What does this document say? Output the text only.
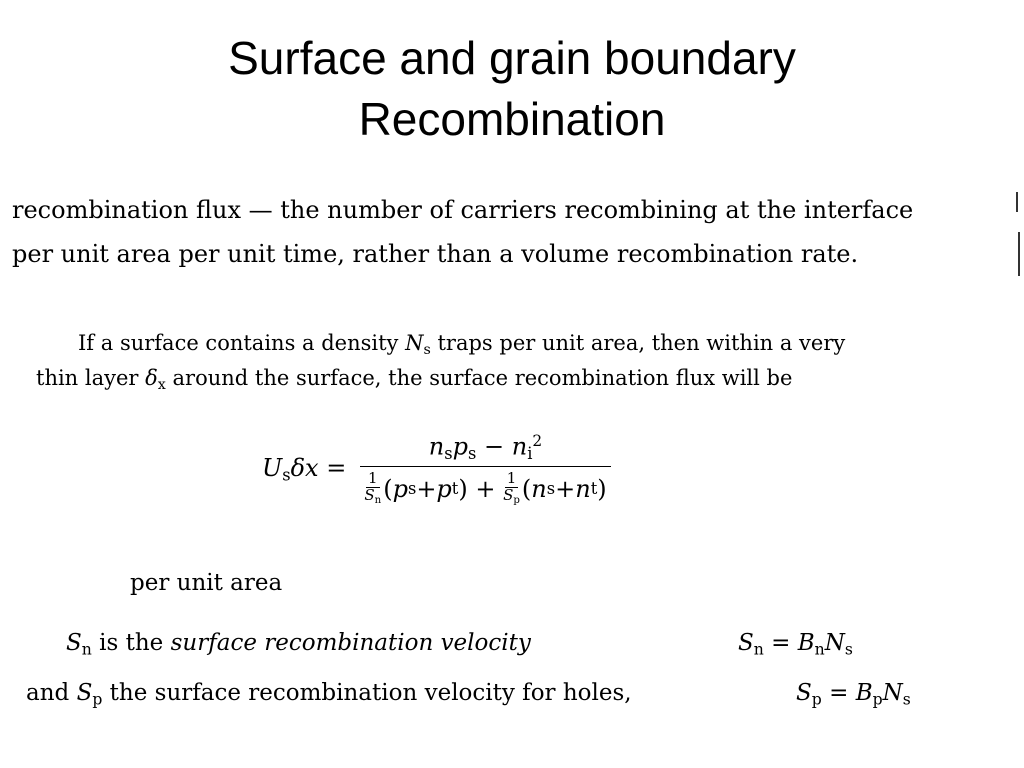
Surface and grain boundary
Recombination
recombination flux — the number of carriers recombining at the interface
per unit area per unit time, rather than a volume recombination rate.
If a surface contains a density $N_s$ traps per unit area, then within a very
thin layer $\delta_x$ around the surface, the surface recombination flux will be
$U_s\delta x = n_sp_s - n_i^2$
1
$S_n$ ( p s + p t ) + 1
$S_p$ ( n s + n t )
per unit area
$S_n$ is the surface recombination velocity	$S_n = B_nN_s$
and $S_p$ the surface recombination velocity for holes,	$S_p = B_pN_s$
